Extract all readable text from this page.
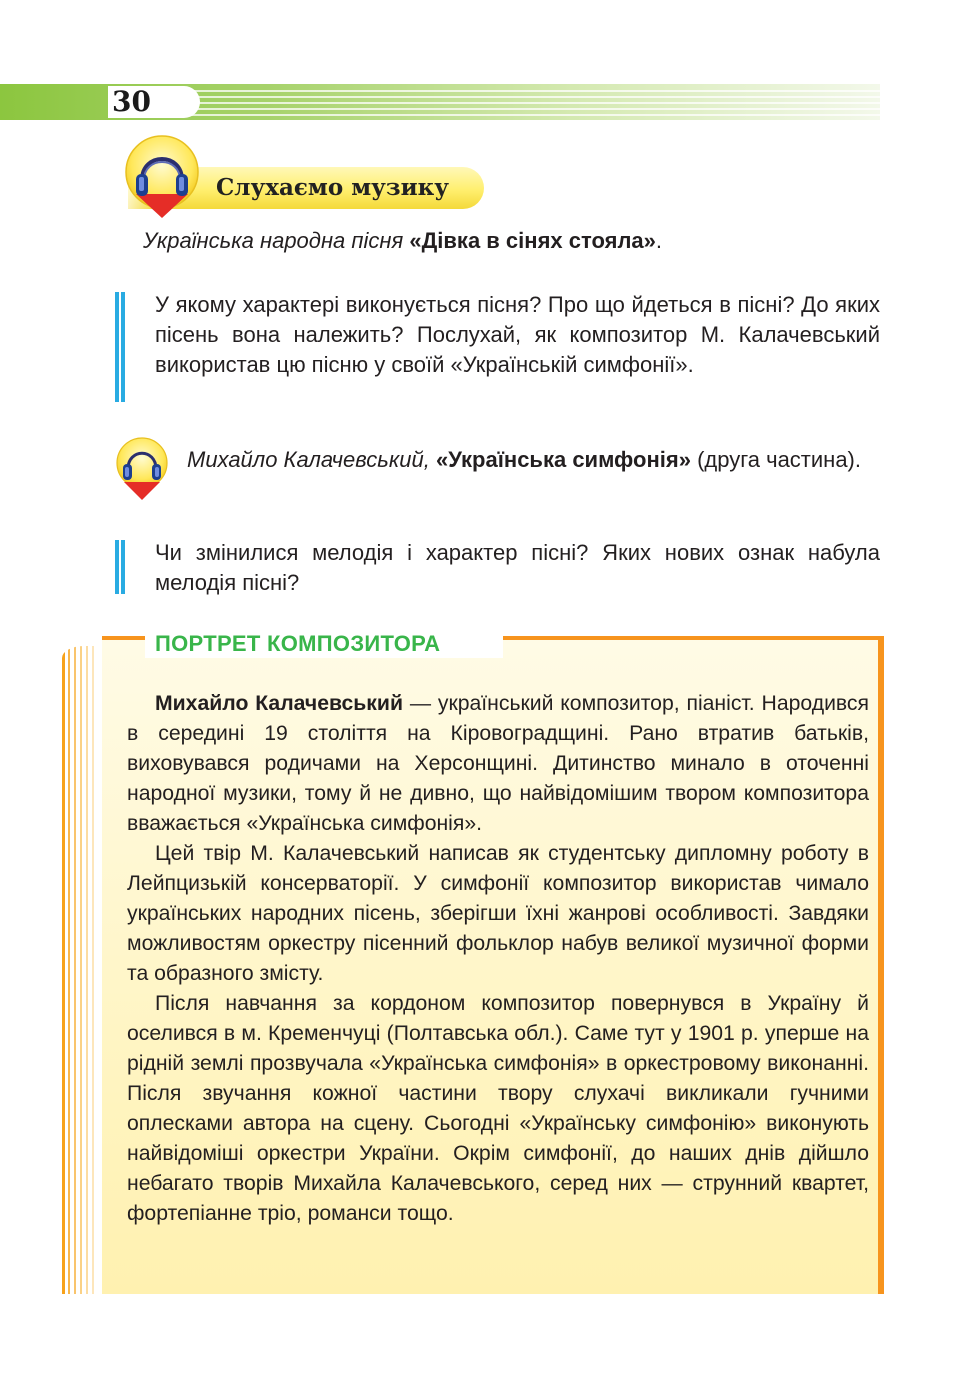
30
Слухаємо музику
Українська народна пісня «Дівка в сінях стояла».
У якому характері виконується пісня? Про що йдеться в пісні? До яких пісень вона належить? Послухай, як композитор М. Калачевський використав цю пісню у своїй «Українській симфонії».
Михайло Калачевський, «Українська симфонія» (друга частина).
Чи змінилися мелодія і характер пісні? Яких нових ознак набула мелодія пісні?
ПОРТРЕТ КОМПОЗИТОРА

Михайло Калачевський — український композитор, піаніст. Народився в середині 19 століття на Кіровоградщині. Рано втратив батьків, виховувався родичами на Херсонщині. Дитинство минало в оточенні народної музики, тому й не дивно, що найвідомішим твором композитора вважається «Українська симфонія».

Цей твір М. Калачевський написав як студентську дипломну роботу в Лейпцизькій консерваторії. У симфонії композитор використав чимало українських народних пісень, зберігши їхні жанрові особливості. Завдяки можливостям оркестру пісенний фольклор набув великої музичної форми та образного змісту.

Після навчання за кордоном композитор повернувся в Україну й оселився в м. Кременчуці (Полтавська обл.). Саме тут у 1901 р. уперше на рідній землі прозвучала «Українська симфонія» в оркестровому виконанні. Після звучання кожної частини твору слухачі викликали гучними оплесками автора на сцену. Сьогодні «Українську симфонію» виконують найвідоміші оркестри України. Окрім симфонії, до наших днів дійшло небагато творів Михайла Калачевського, серед них — струнний квартет, фортепіанне тріо, романси тощо.
